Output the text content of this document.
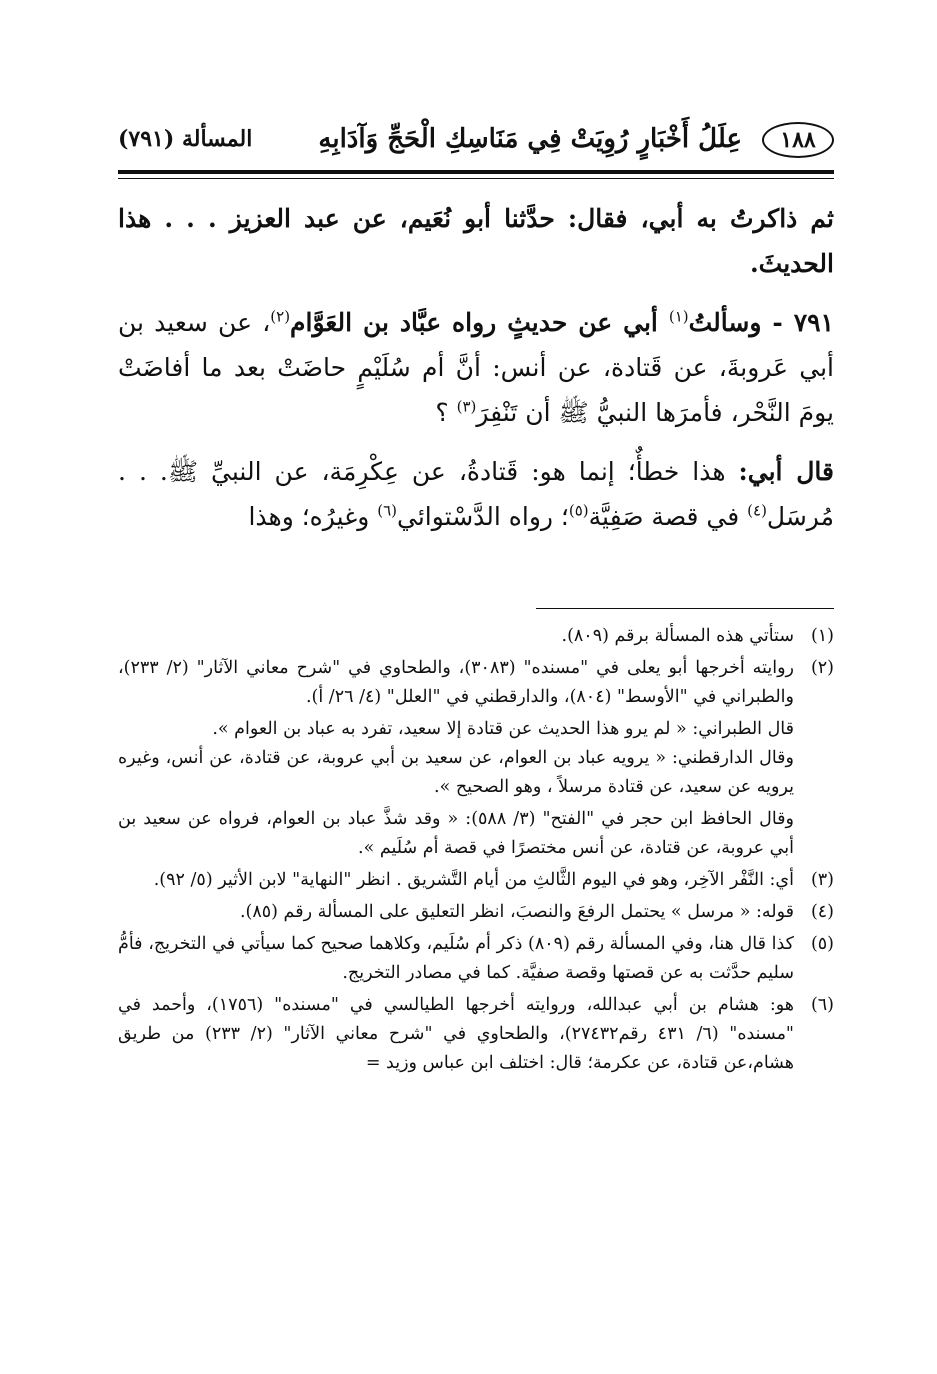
١٨٨
عِلَلُ أَخْبَارٍ رُوِيَتْ فِي مَنَاسِكِ الْحَجِّ وَآدَابِهِ
المسألة (٧٩١)

ثم ذاكرتُ به أبي، فقال: حدَّثنا أبو نُعَيم، عن عبد العزيز . . . هذا الحديثَ.

٧٩١ - وسألتُ$^{(١)}$ أبي عن حديثٍ رواه عبَّاد بن العَوَّام$^{(٢)}$، عن سعيد بن أبي عَروبةَ، عن قَتادة، عن أنس: أنَّ أم سُلَيْمٍ حاضَتْ بعد ما أفاضَتْ يومَ النَّحْر، فأمرَها النبيُّ ﷺ أن تَنْفِرَ$^{(٣)}$ ؟

قال أبي: هذا خطأٌ؛ إنما هو: قَتادةُ، عن عِكْرِمَة، عن النبيِّ ﷺ. . . مُرسَل$^{(٤)}$ في قصة صَفِيَّة$^{(٥)}$؛ رواه الدَّسْتوائي$^{(٦)}$ وغيرُه؛ وهذا

(١)

ستأتي هذه المسألة برقم (٨٠٩).

(٢)

روايته أخرجها أبو يعلى في "مسنده" (٣٠٨٣)، والطحاوي في "شرح معاني الآثار" (٢/ ٢٣٣)، والطبراني في "الأوسط" (٨٠٤)، والدارقطني في "العلل" (٤/ ٢٦/ أ).

قال الطبراني: « لم يرو هذا الحديث عن قتادة إلا سعيد، تفرد به عباد بن العوام ».

وقال الدارقطني: « يرويه عباد بن العوام، عن سعيد بن أبي عروبة، عن قتادة، عن أنس، وغيره يرويه عن سعيد، عن قتادة مرسلاً ، وهو الصحيح ».

وقال الحافظ ابن حجر في "الفتح" (٣/ ٥٨٨): « وقد شذَّ عباد بن العوام، فرواه عن سعيد بن أبي عروبة، عن قتادة، عن أنس مختصرًا في قصة أم سُلَيم ».

(٣)

أي: النَّفْر الآخِر، وهو في اليوم الثَّالثِ من أيام التَّشريق . انظر "النهاية" لابن الأثير (٥/ ٩٢).

(٤)

قوله: « مرسل » يحتمل الرفعَ والنصبَ، انظر التعليق على المسألة رقم (٨٥).

(٥)

كذا قال هنا، وفي المسألة رقم (٨٠٩) ذكر أم سُلَيم، وكلاهما صحيح كما سيأتي في التخريج، فأمُّ سليم حدَّثت به عن قصتها وقصة صفيَّة. كما في مصادر التخريج.

(٦)

هو: هشام بن أبي عبدالله، وروايته أخرجها الطيالسي في "مسنده" (١٧٥٦)، وأحمد في "مسنده" (٦/ ٤٣١ رقم٢٧٤٣٢)، والطحاوي في "شرح معاني الآثار" (٢/ ٢٣٣) من طريق هشام،عن قتادة، عن عكرمة؛ قال: اختلف ابن عباس وزيد =
